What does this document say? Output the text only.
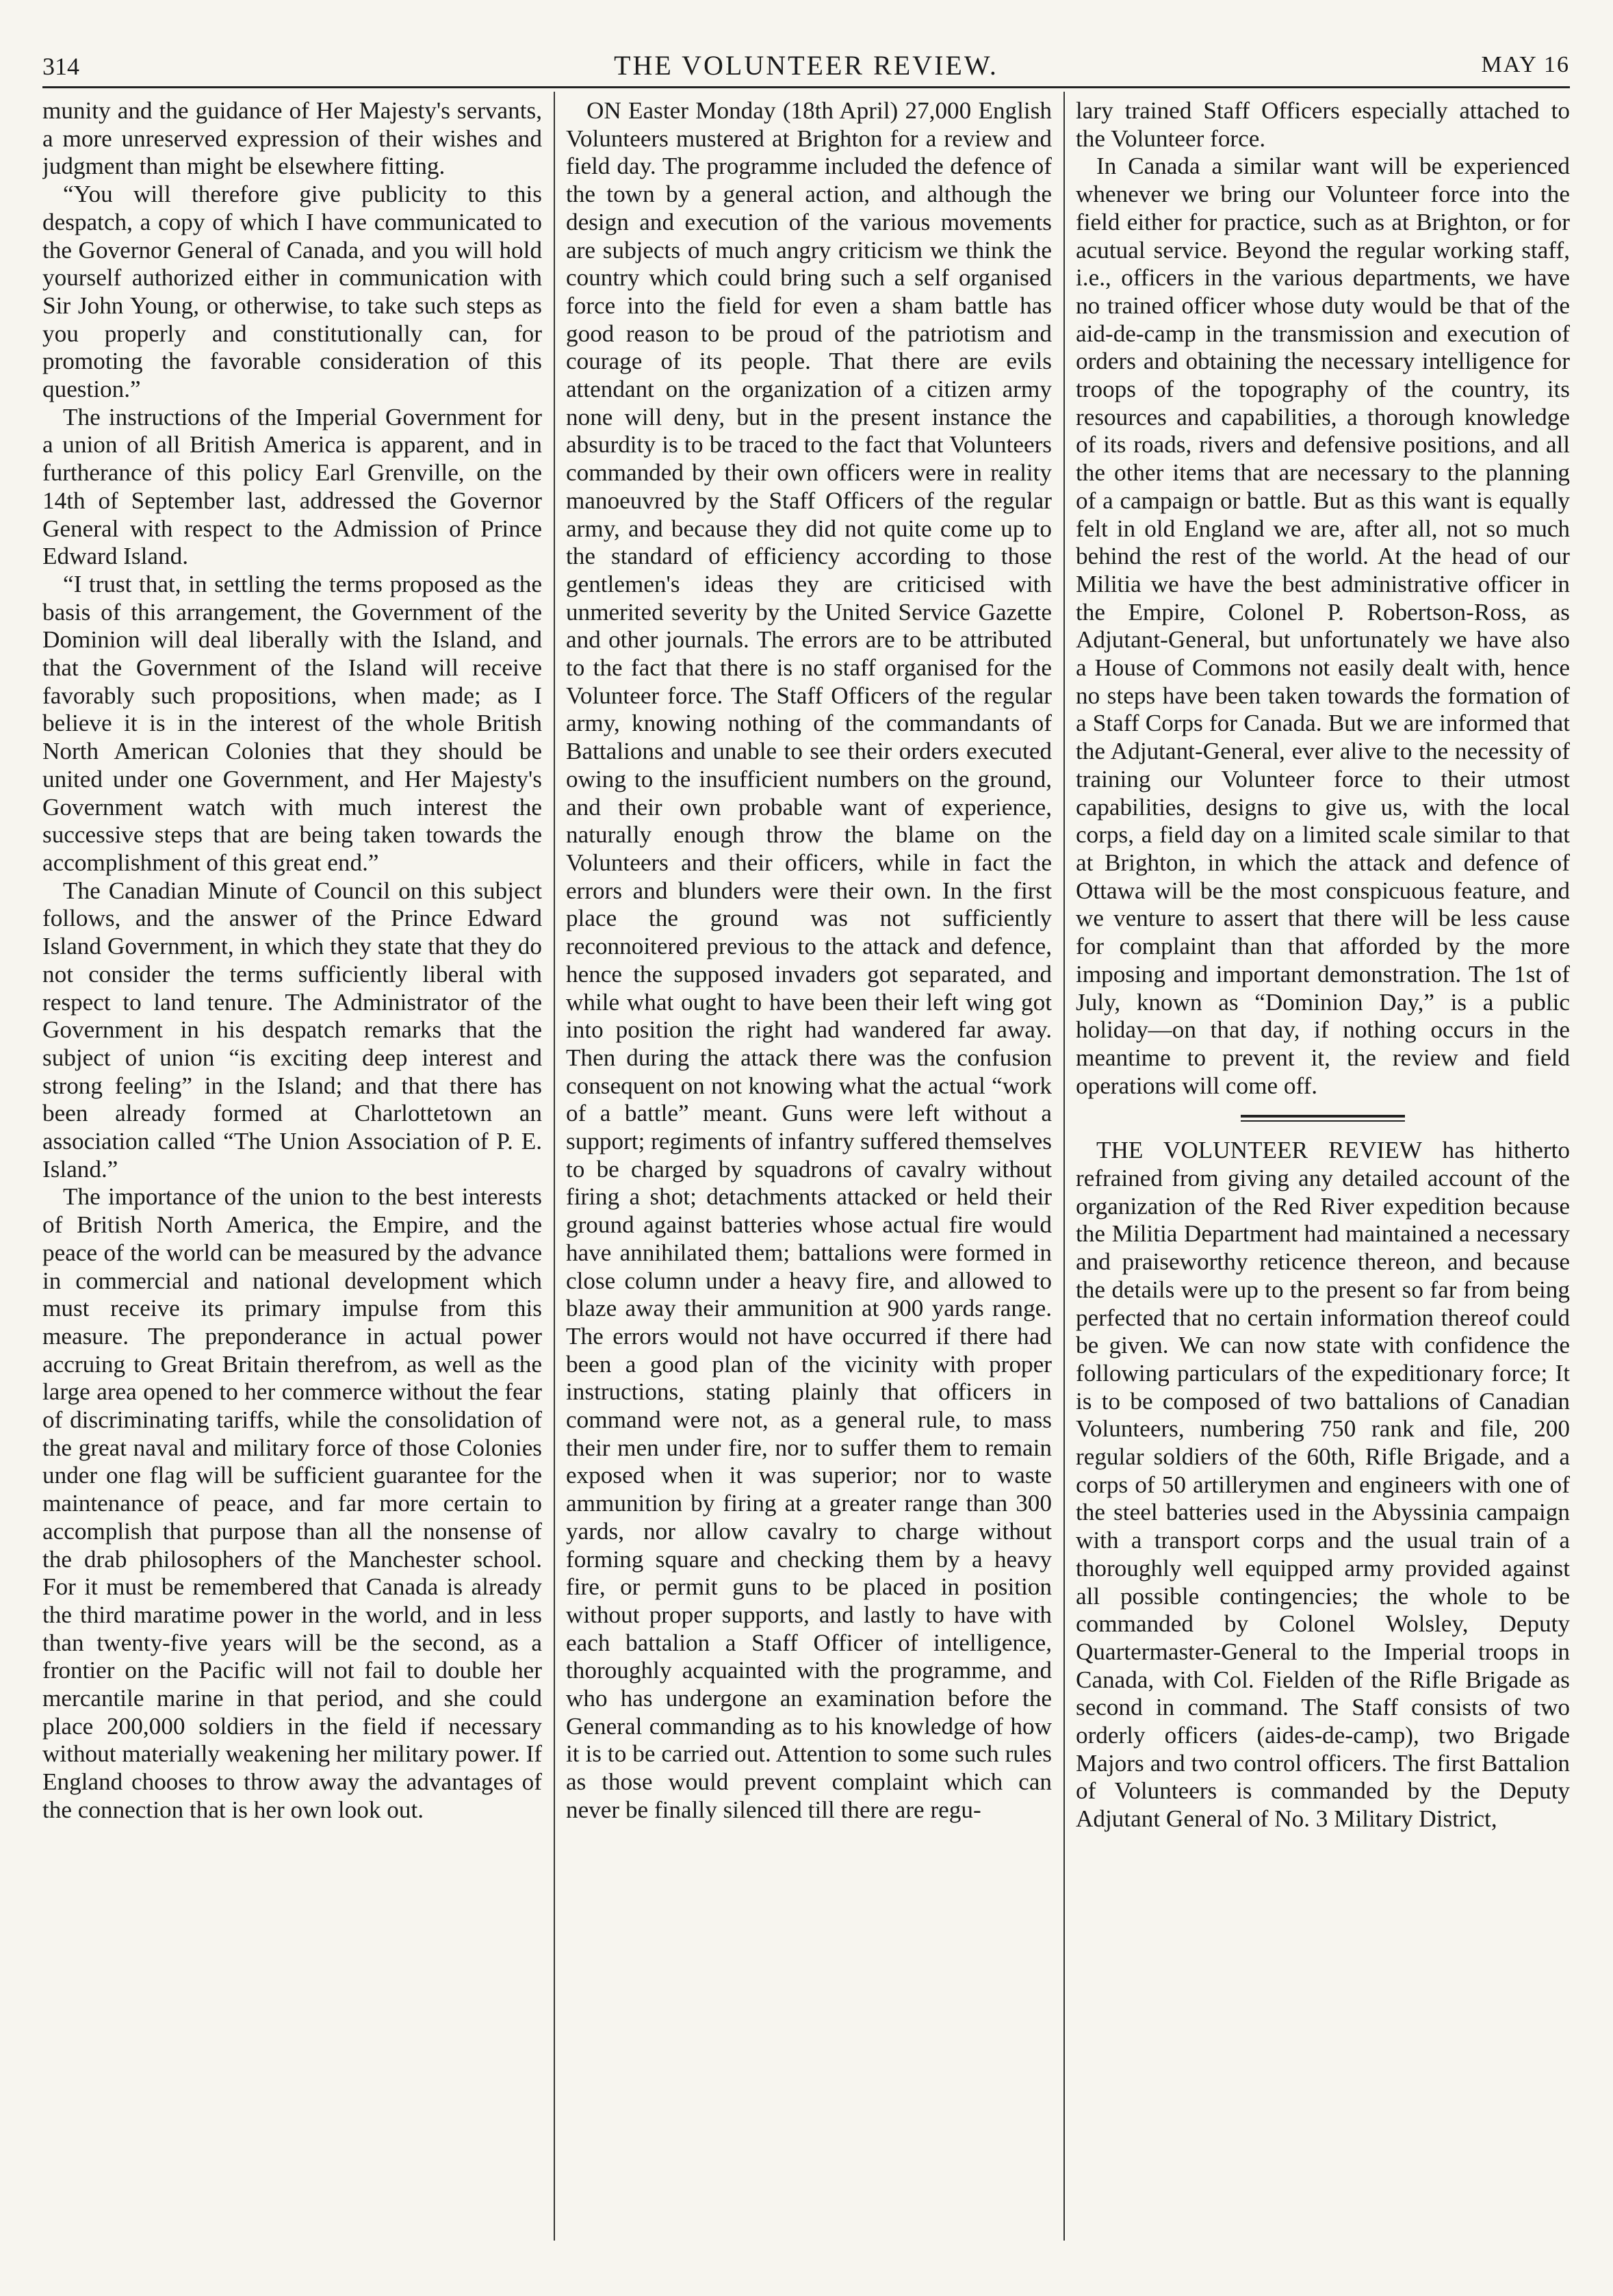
314	THE VOLUNTEER REVIEW.	MAY 16

munity and the guidance of Her Majesty's servants, a more unreserved expression of their wishes and judgment than might be elsewhere fitting.

“You will therefore give publicity to this despatch, a copy of which I have communicated to the Governor General of Canada, and you will hold yourself authorized either in communication with Sir John Young, or otherwise, to take such steps as you properly and constitutionally can, for promoting the favorable consideration of this question.”

The instructions of the Imperial Government for a union of all British America is apparent, and in furtherance of this policy Earl Grenville, on the 14th of September last, addressed the Governor General with respect to the Admission of Prince Edward Island.

“I trust that, in settling the terms proposed as the basis of this arrangement, the Government of the Dominion will deal liberally with the Island, and that the Government of the Island will receive favorably such propositions, when made; as I believe it is in the interest of the whole British North American Colonies that they should be united under one Government, and Her Majesty's Government watch with much interest the successive steps that are being taken towards the accomplishment of this great end.”

The Canadian Minute of Council on this subject follows, and the answer of the Prince Edward Island Government, in which they state that they do not consider the terms sufficiently liberal with respect to land tenure. The Administrator of the Government in his despatch remarks that the subject of union “is exciting deep interest and strong feeling” in the Island; and that there has been already formed at Charlottetown an association called “The Union Association of P. E. Island.”

The importance of the union to the best interests of British North America, the Empire, and the peace of the world can be measured by the advance in commercial and national development which must receive its primary impulse from this measure. The preponderance in actual power accruing to Great Britain therefrom, as well as the large area opened to her commerce without the fear of discriminating tariffs, while the consolidation of the great naval and military force of those Colonies under one flag will be sufficient guarantee for the maintenance of peace, and far more certain to accomplish that purpose than all the nonsense of the drab philosophers of the Manchester school. For it must be remembered that Canada is already the third maratime power in the world, and in less than twenty-five years will be the second, as a frontier on the Pacific will not fail to double her mercantile marine in that period, and she could place 200,000 soldiers in the field if necessary without materially weakening her military power. If England chooses to throw away the advantages of the connection that is her own look out.

ON Easter Monday (18th April) 27,000 English Volunteers mustered at Brighton for a review and field day. The programme included the defence of the town by a general action, and although the design and execution of the various movements are subjects of much angry criticism we think the country which could bring such a self organised force into the field for even a sham battle has good reason to be proud of the patriotism and courage of its people. That there are evils attendant on the organization of a citizen army none will deny, but in the present instance the absurdity is to be traced to the fact that Volunteers commanded by their own officers were in reality manoeuvred by the Staff Officers of the regular army, and because they did not quite come up to the standard of efficiency according to those gentlemen's ideas they are criticised with unmerited severity by the United Service Gazette and other journals. The errors are to be attributed to the fact that there is no staff organised for the Volunteer force. The Staff Officers of the regular army, knowing nothing of the commandants of Battalions and unable to see their orders executed owing to the insufficient numbers on the ground, and their own probable want of experience, naturally enough throw the blame on the Volunteers and their officers, while in fact the errors and blunders were their own. In the first place the ground was not sufficiently reconnoitered previous to the attack and defence, hence the supposed invaders got separated, and while what ought to have been their left wing got into position the right had wandered far away. Then during the attack there was the confusion consequent on not knowing what the actual “work of a battle” meant. Guns were left without a support; regiments of infantry suffered themselves to be charged by squadrons of cavalry without firing a shot; detachments attacked or held their ground against batteries whose actual fire would have annihilated them; battalions were formed in close column under a heavy fire, and allowed to blaze away their ammunition at 900 yards range. The errors would not have occurred if there had been a good plan of the vicinity with proper instructions, stating plainly that officers in command were not, as a general rule, to mass their men under fire, nor to suffer them to remain exposed when it was superior; nor to waste ammunition by firing at a greater range than 300 yards, nor allow cavalry to charge without forming square and checking them by a heavy fire, or permit guns to be placed in position without proper supports, and lastly to have with each battalion a Staff Officer of intelligence, thoroughly acquainted with the programme, and who has undergone an examination before the General commanding as to his knowledge of how it is to be carried out. Attention to some such rules as those would prevent complaint which can never be finally silenced till there are regu-

lary trained Staff Officers especially attached to the Volunteer force.

In Canada a similar want will be experienced whenever we bring our Volunteer force into the field either for practice, such as at Brighton, or for acutual service. Beyond the regular working staff, i.e., officers in the various departments, we have no trained officer whose duty would be that of the aid-de-camp in the transmission and execution of orders and obtaining the necessary intelligence for troops of the topography of the country, its resources and capabilities, a thorough knowledge of its roads, rivers and defensive positions, and all the other items that are necessary to the planning of a campaign or battle. But as this want is equally felt in old England we are, after all, not so much behind the rest of the world. At the head of our Militia we have the best administrative officer in the Empire, Colonel P. Robertson-Ross, as Adjutant-General, but unfortunately we have also a House of Commons not easily dealt with, hence no steps have been taken towards the formation of a Staff Corps for Canada. But we are informed that the Adjutant-General, ever alive to the necessity of training our Volunteer force to their utmost capabilities, designs to give us, with the local corps, a field day on a limited scale similar to that at Brighton, in which the attack and defence of Ottawa will be the most conspicuous feature, and we venture to assert that there will be less cause for complaint than that afforded by the more imposing and important demonstration. The 1st of July, known as “Dominion Day,” is a public holiday—on that day, if nothing occurs in the meantime to prevent it, the review and field operations will come off.

THE VOLUNTEER REVIEW has hitherto refrained from giving any detailed account of the organization of the Red River expedition because the Militia Department had maintained a necessary and praiseworthy reticence thereon, and because the details were up to the present so far from being perfected that no certain information thereof could be given. We can now state with confidence the following particulars of the expeditionary force; It is to be composed of two battalions of Canadian Volunteers, numbering 750 rank and file, 200 regular soldiers of the 60th, Rifle Brigade, and a corps of 50 artillerymen and engineers with one of the steel batteries used in the Abyssinia campaign with a transport corps and the usual train of a thoroughly well equipped army provided against all possible contingencies; the whole to be commanded by Colonel Wolsley, Deputy Quartermaster-General to the Imperial troops in Canada, with Col. Fielden of the Rifle Brigade as second in command. The Staff consists of two orderly officers (aides-de-camp), two Brigade Majors and two control officers. The first Battalion of Volunteers is commanded by the Deputy Adjutant General of No. 3 Military District,
